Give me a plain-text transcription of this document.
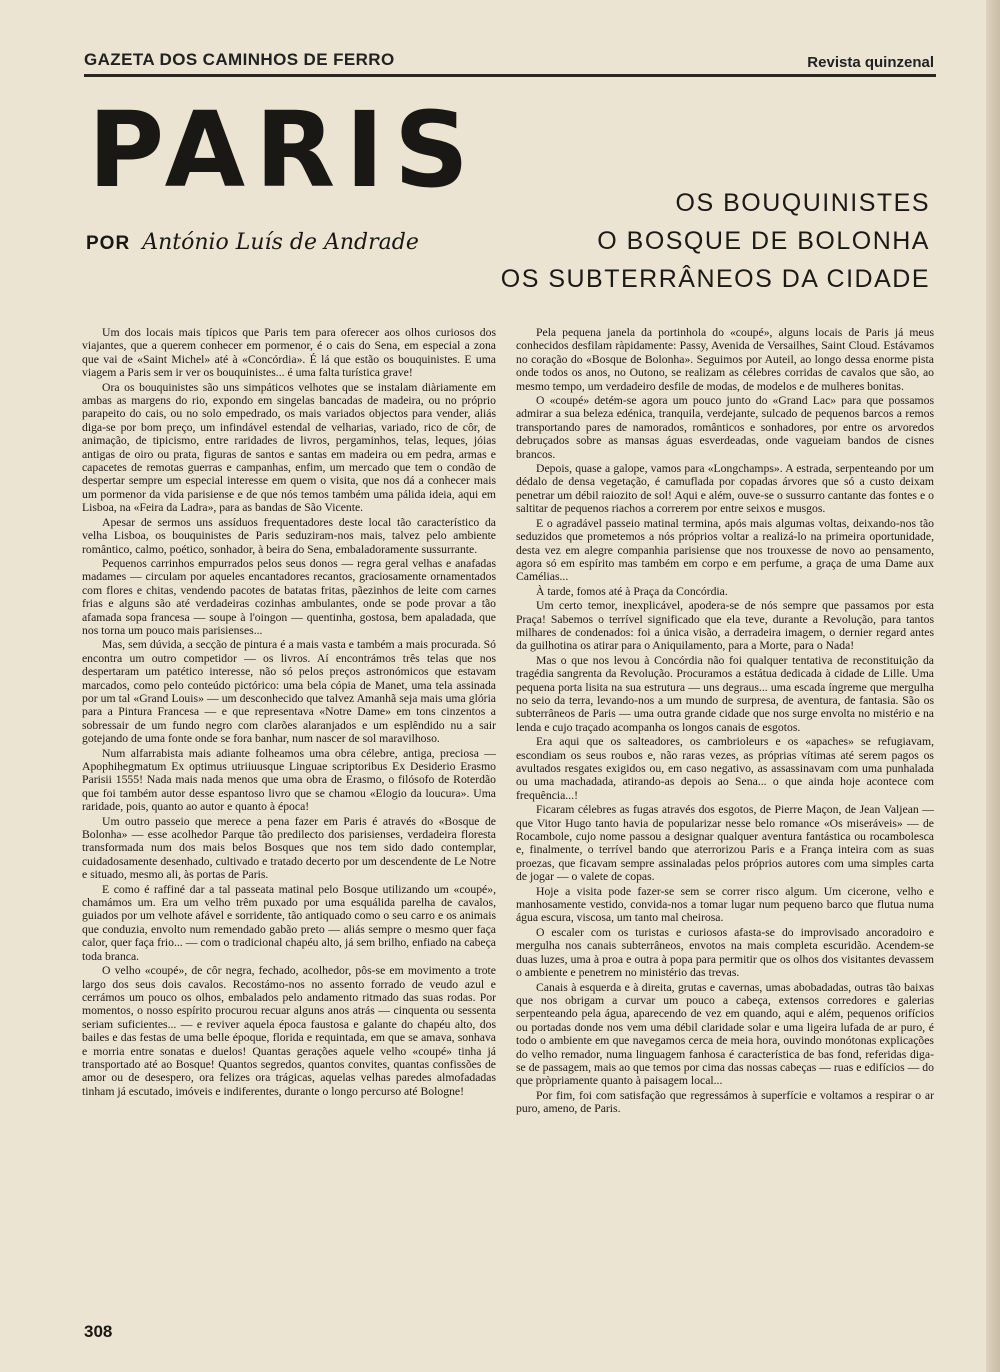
GAZETA DOS CAMINHOS DE FERRO	Revista quinzenal
PARIS
POR António Luís de Andrade
OS BOUQUINISTES
O BOSQUE DE BOLONHA
OS SUBTERRÂNEOS DA CIDADE

Um dos locais mais típicos que Paris tem para oferecer aos olhos curiosos dos viajantes, que a querem conhecer em pormenor, é o cais do Sena, em especial a zona que vai de «Saint Michel» até à «Concórdia». É lá que estão os bouquinistes. E uma viagem a Paris sem ir ver os bouquinistes... é uma falta turística grave!

Ora os bouquinistes são uns simpáticos velhotes que se instalam diàriamente em ambas as margens do rio, expondo em singelas bancadas de madeira, ou no próprio parapeito do cais, ou no solo empedrado, os mais variados objectos para vender, aliás diga-se por bom preço, um infindável estendal de velharias, variado, rico de côr, de animação, de tipicismo, entre raridades de livros, pergaminhos, telas, leques, jóias antigas de oiro ou prata, figuras de santos e santas em madeira ou em pedra, armas e capacetes de remotas guerras e campanhas, enfim, um mercado que tem o condão de despertar sempre um especial interesse em quem o visita, que nos dá a conhecer mais um pormenor da vida parisiense e de que nós temos também uma pálida ideia, aqui em Lisboa, na «Feira da Ladra», para as bandas de São Vicente.

Apesar de sermos uns assíduos frequentadores deste local tão característico da velha Lisboa, os bouquinistes de Paris seduziram-nos mais, talvez pelo ambiente romântico, calmo, poético, sonhador, à beira do Sena, embaladoramente sussurrante.

Pequenos carrinhos empurrados pelos seus donos — regra geral velhas e anafadas madames — circulam por aqueles encantadores recantos, graciosamente ornamentados com flores e chitas, vendendo pacotes de batatas fritas, pãezinhos de leite com carnes frias e alguns são até verdadeiras cozinhas ambulantes, onde se pode provar a tão afamada sopa francesa — soupe à l'oingon — quentinha, gostosa, bem apaladada, que nos torna um pouco mais parisienses...

Mas, sem dúvida, a secção de pintura é a mais vasta e também a mais procurada. Só encontra um outro competidor — os livros. Aí encontrámos três telas que nos despertaram um patético interesse, não só pelos preços astronómicos que estavam marcados, como pelo conteúdo pictórico: uma bela cópia de Manet, uma tela assinada por um tal «Grand Louis» — um desconhecido que talvez Amanhã seja mais uma glória para a Pintura Francesa — e que representava «Notre Dame» em tons cinzentos a sobressair de um fundo negro com clarões alaranjados e um esplêndido nu a sair gotejando de uma fonte onde se fora banhar, num nascer de sol maravilhoso.

Num alfarrabista mais adiante folheamos uma obra célebre, antiga, preciosa — Apophihegmatum Ex optimus utriiuusque Linguae scriptoribus Ex Desiderio Erasmo Parisii 1555! Nada mais nada menos que uma obra de Erasmo, o filósofo de Roterdão que foi também autor desse espantoso livro que se chamou «Elogio da loucura». Uma raridade, pois, quanto ao autor e quanto à época!

Um outro passeio que merece a pena fazer em Paris é através do «Bosque de Bolonha» — esse acolhedor Parque tão predilecto dos parisienses, verdadeira floresta transformada num dos mais belos Bosques que nos tem sido dado contemplar, cuidadosamente desenhado, cultivado e tratado decerto por um descendente de Le Notre e situado, mesmo ali, às portas de Paris.

E como é raffiné dar a tal passeata matinal pelo Bosque utilizando um «coupé», chamámos um. Era um velho trêm puxado por uma esquálida parelha de cavalos, guiados por um velhote afável e sorridente, tão antiquado como o seu carro e os animais que conduzia, envolto num remendado gabão preto — aliás sempre o mesmo quer faça calor, quer faça frio... — com o tradicional chapéu alto, já sem brilho, enfiado na cabeça toda branca.

O velho «coupé», de côr negra, fechado, acolhedor, pôs-se em movimento a trote largo dos seus dois cavalos. Recostámo-nos no assento forrado de veudo azul e cerrámos um pouco os olhos, embalados pelo andamento ritmado das suas rodas. Por momentos, o nosso espírito procurou recuar alguns anos atrás — cinquenta ou sessenta seriam suficientes... — e reviver aquela época faustosa e galante do chapéu alto, dos bailes e das festas de uma belle époque, florida e requintada, em que se amava, sonhava e morria entre sonatas e duelos! Quantas gerações aquele velho «coupé» tinha já transportado até ao Bosque! Quantos segredos, quantos convites, quantas confissões de amor ou de desespero, ora felizes ora trágicas, aquelas velhas paredes almofadadas tinham já escutado, imóveis e indiferentes, durante o longo percurso até Bologne!

Pela pequena janela da portinhola do «coupé», alguns locais de Paris já meus conhecidos desfilam ràpidamente: Passy, Avenida de Versailhes, Saint Cloud. Estávamos no coração do «Bosque de Bolonha». Seguimos por Auteil, ao longo dessa enorme pista onde todos os anos, no Outono, se realizam as célebres corridas de cavalos que são, ao mesmo tempo, um verdadeiro desfile de modas, de modelos e de mulheres bonitas.

O «coupé» detém-se agora um pouco junto do «Grand Lac» para que possamos admirar a sua beleza edénica, tranquila, verdejante, sulcado de pequenos barcos a remos transportando pares de namorados, românticos e sonhadores, por entre os arvoredos debruçados sobre as mansas águas esverdeadas, onde vagueiam bandos de cisnes brancos.

Depois, quase a galope, vamos para «Longchamps». A estrada, serpenteando por um dédalo de densa vegetação, é camuflada por copadas árvores que só a custo deixam penetrar um débil raiozito de sol! Aqui e além, ouve-se o sussurro cantante das fontes e o saltitar de pequenos riachos a correrem por entre seixos e musgos.

E o agradável passeio matinal termina, após mais algumas voltas, deixando-nos tão seduzidos que prometemos a nós próprios voltar a realizá-lo na primeira oportunidade, desta vez em alegre companhia parisiense que nos trouxesse de novo ao pensamento, agora só em espírito mas também em corpo e em perfume, a graça de uma Dame aux Camélias...

À tarde, fomos até à Praça da Concórdia.

Um certo temor, inexplicável, apodera-se de nós sempre que passamos por esta Praça! Sabemos o terrível significado que ela teve, durante a Revolução, para tantos milhares de condenados: foi a única visão, a derradeira imagem, o dernier regard antes da guilhotina os atirar para o Aniquilamento, para a Morte, para o Nada!

Mas o que nos levou à Concórdia não foi qualquer tentativa de reconstituição da tragédia sangrenta da Revolução. Procuramos a estátua dedicada à cidade de Lille. Uma pequena porta lisita na sua estrutura — uns degraus... uma escada íngreme que mergulha no seio da terra, levando-nos a um mundo de surpresa, de aventura, de fantasia. São os subterrâneos de Paris — uma outra grande cidade que nos surge envolta no mistério e na lenda e cujo traçado acompanha os longos canais de esgotos.

Era aqui que os salteadores, os cambrioleurs e os «apaches» se refugiavam, escondiam os seus roubos e, não raras vezes, as próprias vítimas até serem pagos os avultados resgates exigidos ou, em caso negativo, as assassinavam com uma punhalada ou uma machadada, atirando-as depois ao Sena... o que ainda hoje acontece com frequência...!

Ficaram célebres as fugas através dos esgotos, de Pierre Maçon, de Jean Valjean — que Vitor Hugo tanto havia de popularizar nesse belo romance «Os miseráveis» — de Rocambole, cujo nome passou a designar qualquer aventura fantástica ou rocambolesca e, finalmente, o terrível bando que aterrorizou Paris e a França inteira com as suas proezas, que ficavam sempre assinaladas pelos próprios autores com uma simples carta de jogar — o valete de copas.

Hoje a visita pode fazer-se sem se correr risco algum. Um cicerone, velho e manhosamente vestido, convida-nos a tomar lugar num pequeno barco que flutua numa água escura, viscosa, um tanto mal cheirosa.

O escaler com os turistas e curiosos afasta-se do improvisado ancoradoiro e mergulha nos canais subterrâneos, envotos na mais completa escuridão. Acendem-se duas luzes, uma à proa e outra à popa para permitir que os olhos dos visitantes devassem o ambiente e penetrem no ministério das trevas.

Canais à esquerda e à direita, grutas e cavernas, umas abobadadas, outras tão baixas que nos obrigam a curvar um pouco a cabeça, extensos corredores e galerias serpenteando pela água, aparecendo de vez em quando, aqui e além, pequenos orifícios ou portadas donde nos vem uma débil claridade solar e uma ligeira lufada de ar puro, é todo o ambiente em que navegamos cerca de meia hora, ouvindo monótonas explicações do velho remador, numa linguagem fanhosa é característica de bas fond, referidas diga-se de passagem, mais ao que temos por cima das nossas cabeças — ruas e edifícios — do que pròpriamente quanto à paisagem local...

Por fim, foi com satisfação que regressámos à superfície e voltamos a respirar o ar puro, ameno, de Paris.

308
